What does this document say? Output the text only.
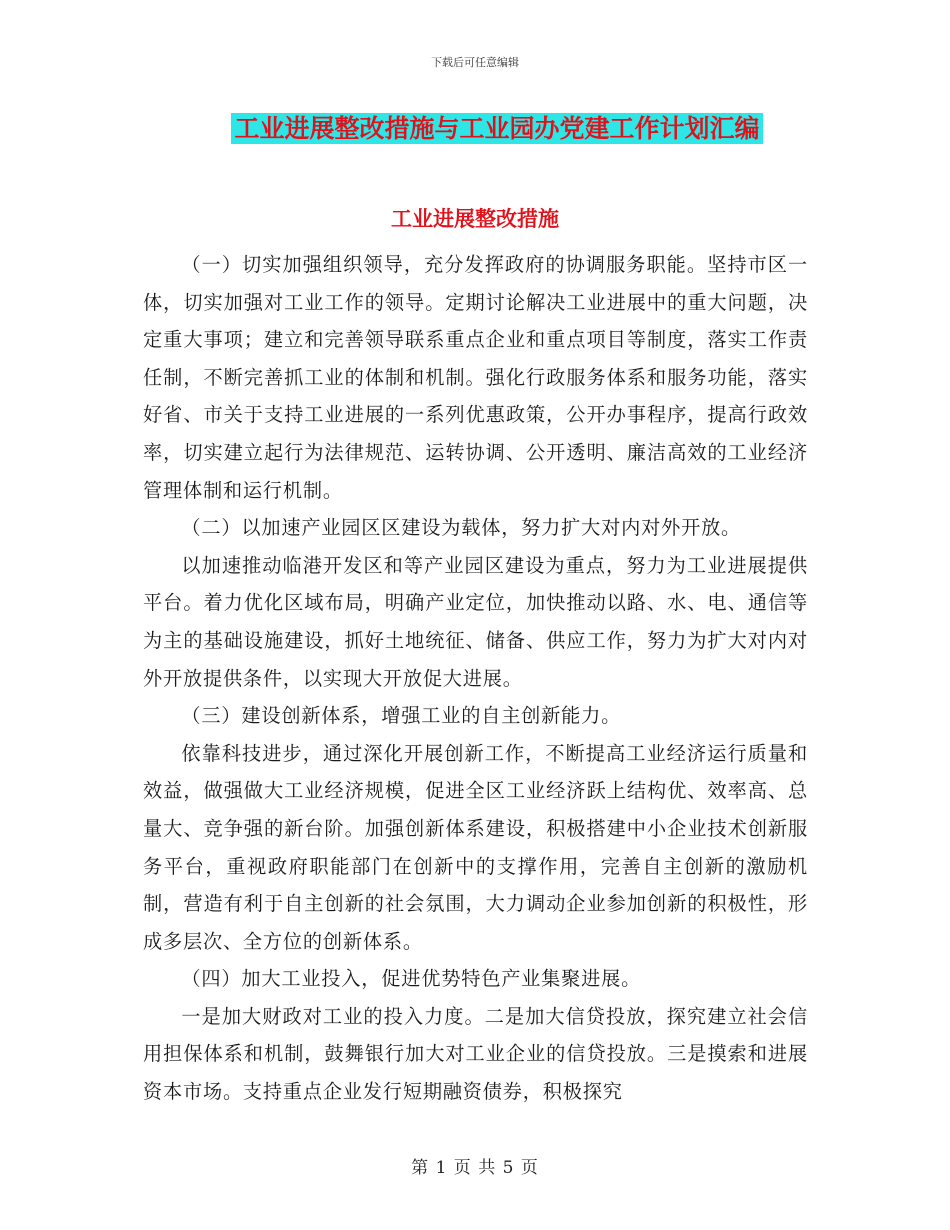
下载后可任意编辑
工业进展整改措施与工业园办党建工作计划汇编
工业进展整改措施

（一）切实加强组织领导，充分发挥政府的协调服务职能。坚持市区一体，切实加强对工业工作的领导。定期讨论解决工业进展中的重大问题，决定重大事项；建立和完善领导联系重点企业和重点项目等制度，落实工作责任制，不断完善抓工业的体制和机制。强化行政服务体系和服务功能，落实好省、市关于支持工业进展的一系列优惠政策，公开办事程序，提高行政效率，切实建立起行为法律规范、运转协调、公开透明、廉洁高效的工业经济管理体制和运行机制。

（二）以加速产业园区区建设为载体，努力扩大对内对外开放。

以加速推动临港开发区和等产业园区建设为重点，努力为工业进展提供平台。着力优化区域布局，明确产业定位，加快推动以路、水、电、通信等为主的基础设施建设，抓好土地统征、储备、供应工作，努力为扩大对内对外开放提供条件，以实现大开放促大进展。

（三）建设创新体系，增强工业的自主创新能力。

依靠科技进步，通过深化开展创新工作，不断提高工业经济运行质量和效益，做强做大工业经济规模，促进全区工业经济跃上结构优、效率高、总量大、竞争强的新台阶。加强创新体系建设，积极搭建中小企业技术创新服务平台，重视政府职能部门在创新中的支撑作用，完善自主创新的激励机制，营造有利于自主创新的社会氛围，大力调动企业参加创新的积极性，形成多层次、全方位的创新体系。

（四）加大工业投入，促进优势特色产业集聚进展。

一是加大财政对工业的投入力度。二是加大信贷投放，探究建立社会信用担保体系和机制，鼓舞银行加大对工业企业的信贷投放。三是摸索和进展资本市场。支持重点企业发行短期融资债券，积极探究

第 1 页 共 5 页
